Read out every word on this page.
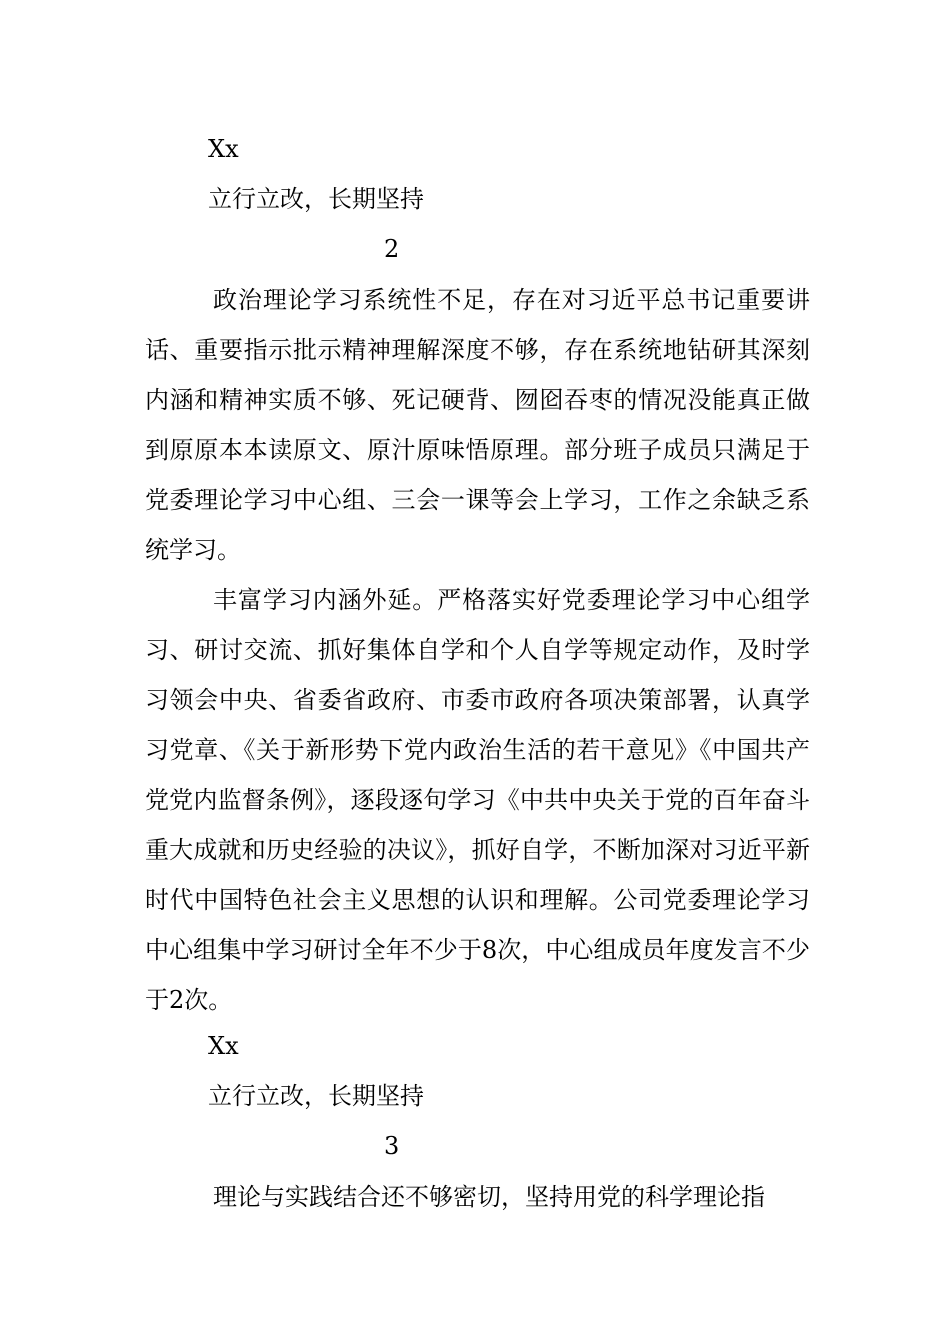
Xx
立行立改，长期坚持
2
政治理论学习系统性不足，存在对习近平总书记重要讲话、重要指示批示精神理解深度不够，存在系统地钻研其深刻内涵和精神实质不够、死记硬背、囫囵吞枣的情况没能真正做到原原本本读原文、原汁原味悟原理。部分班子成员只满足于党委理论学习中心组、三会一课等会上学习，工作之余缺乏系统学习。
丰富学习内涵外延。严格落实好党委理论学习中心组学习、研讨交流、抓好集体自学和个人自学等规定动作，及时学习领会中央、省委省政府、市委市政府各项决策部署，认真学习党章、《关于新形势下党内政治生活的若干意见》《中国共产党党内监督条例》，逐段逐句学习《中共中央关于党的百年奋斗重大成就和历史经验的决议》，抓好自学，不断加深对习近平新时代中国特色社会主义思想的认识和理解。公司党委理论学习中心组集中学习研讨全年不少于8次，中心组成员年度发言不少于2次。
Xx
立行立改，长期坚持
3
理论与实践结合还不够密切，坚持用党的科学理论指
